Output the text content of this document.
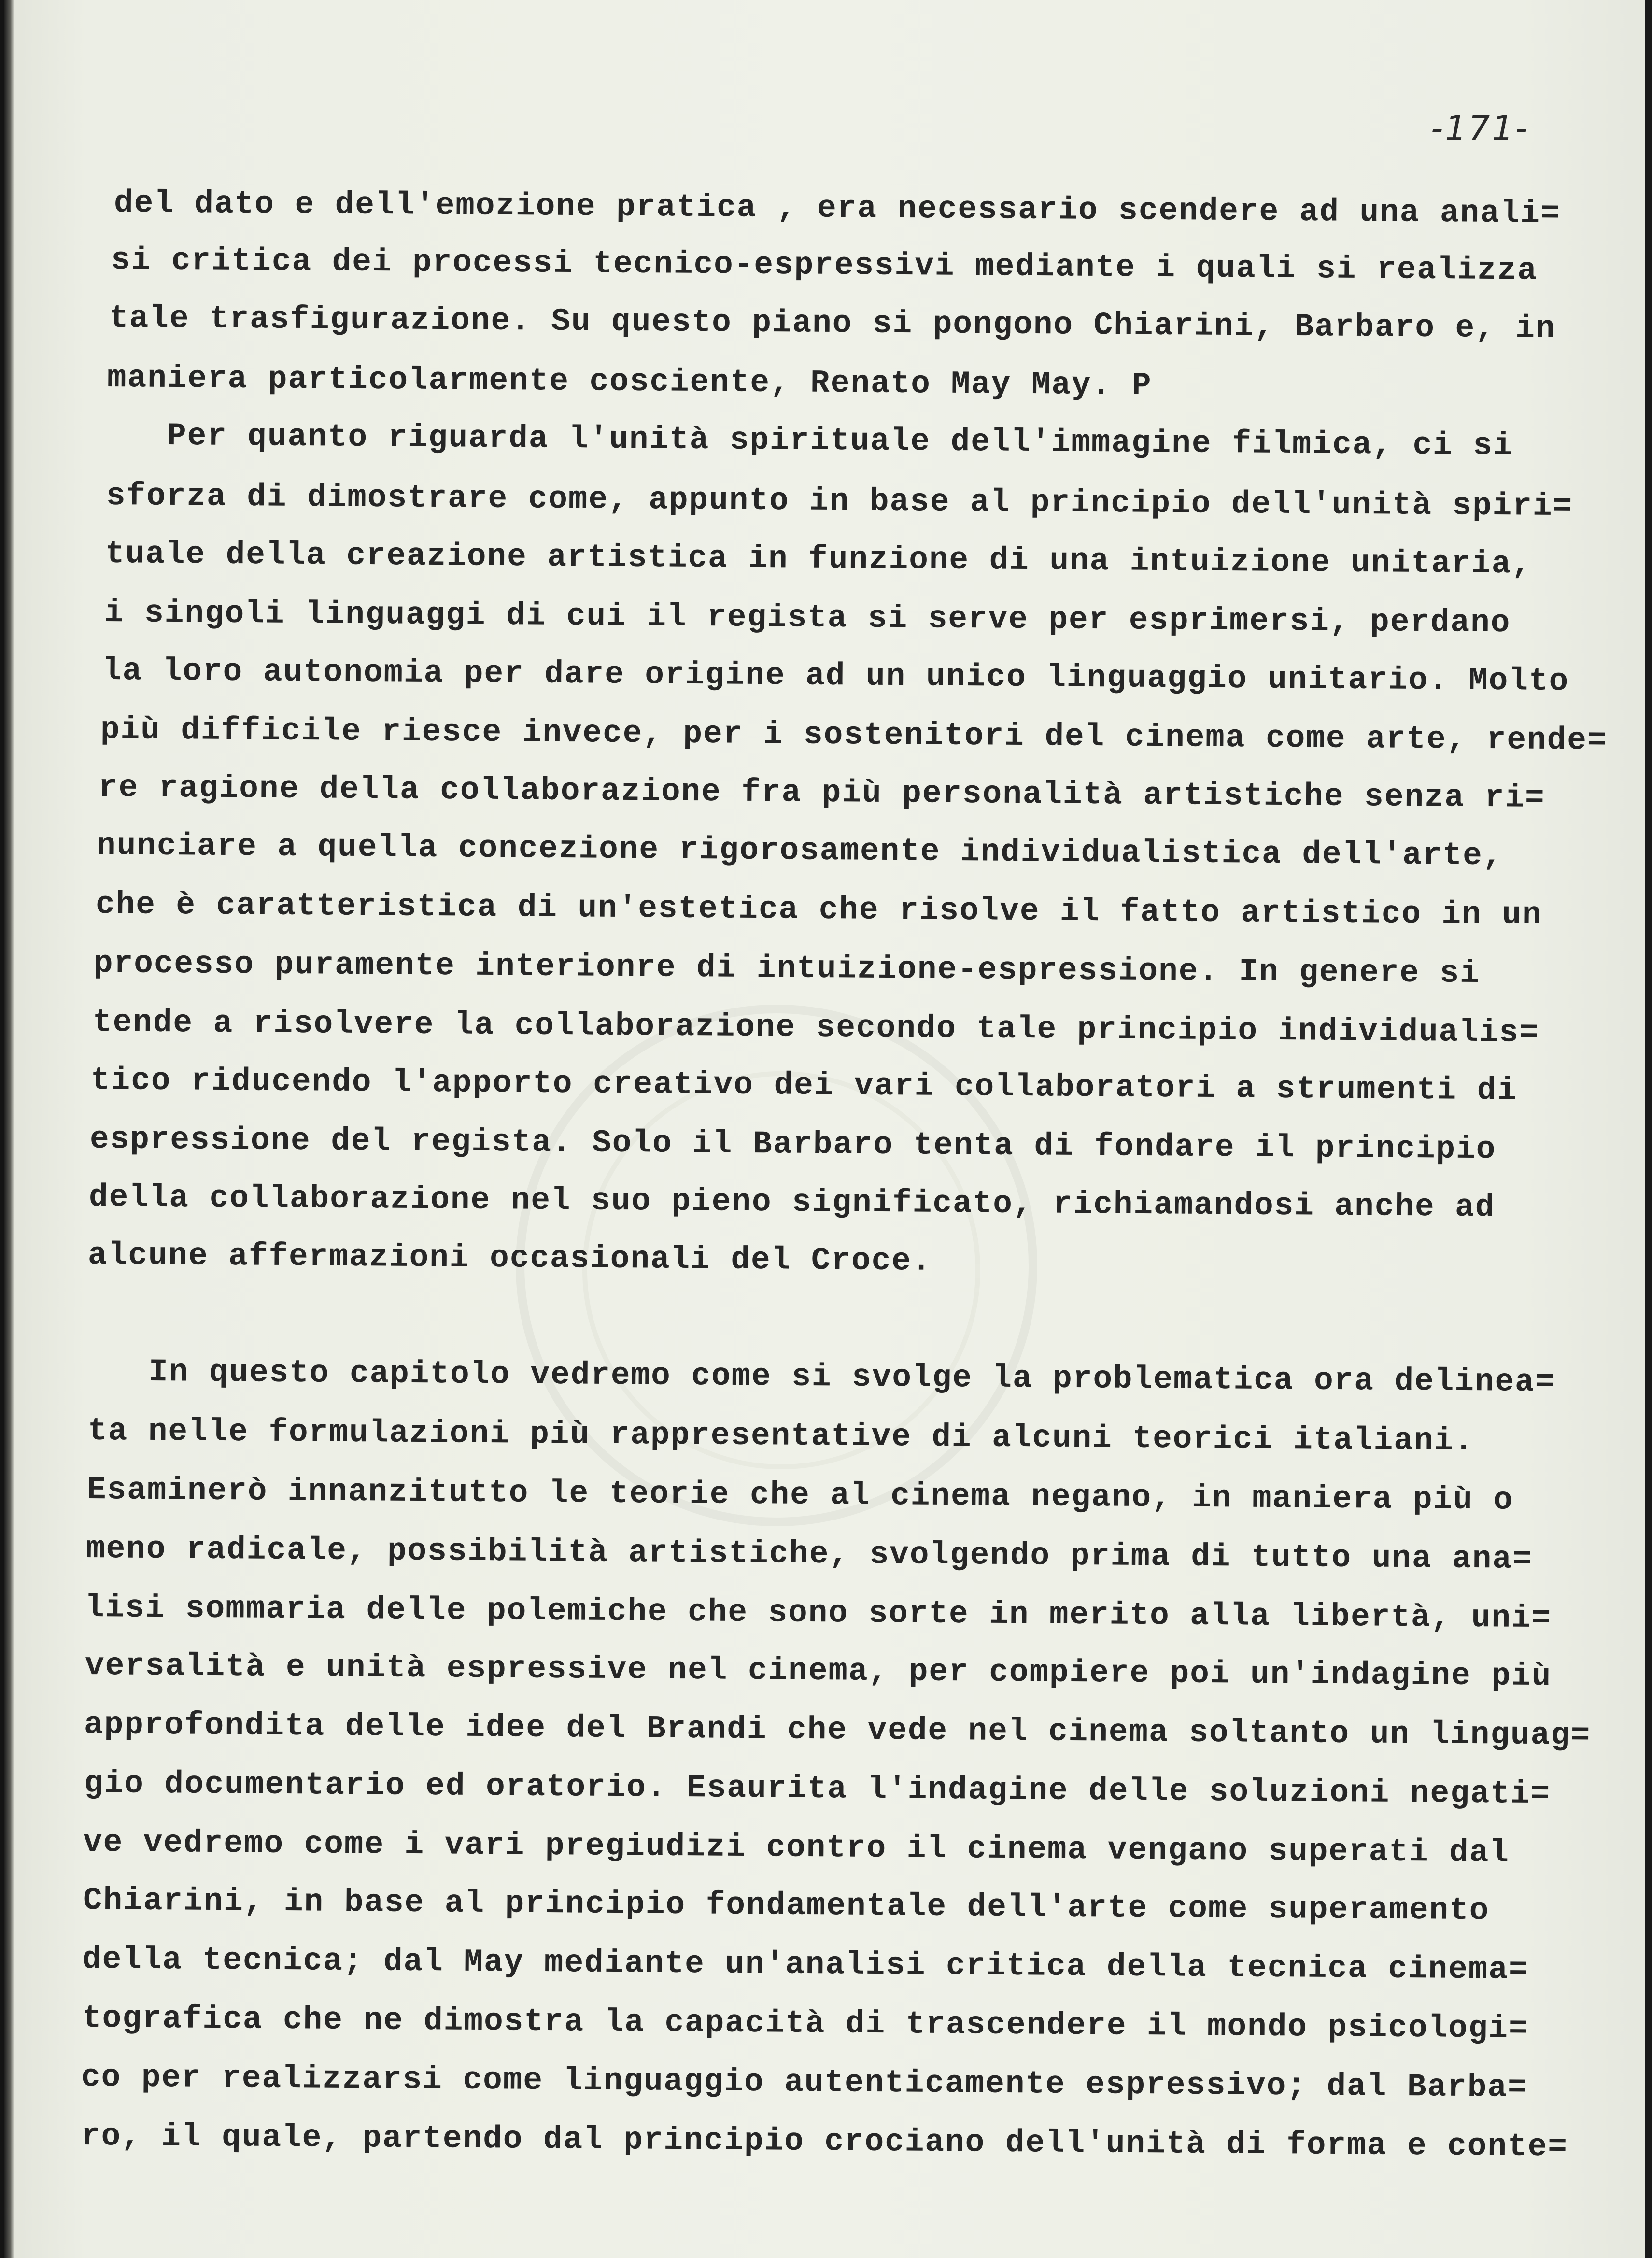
-171-
del dato e dell'emozione pratica , era necessario scendere ad una anali=
si critica dei processi tecnico-espressivi mediante i quali si realizza
tale trasfigurazione. Su questo piano si pongono Chiarini, Barbaro e, in
maniera particolarmente cosciente, Renato May May. P
Per quanto riguarda l'unità spirituale dell'immagine filmica, ci si
sforza di dimostrare come, appunto in base al principio dell'unità spiri=
tuale della creazione artistica in funzione di una intuizione unitaria,
i singoli linguaggi di cui il regista si serve per esprimersi, perdano
la loro autonomia per dare origine ad un unico linguaggio unitario. Molto
più difficile riesce invece, per i sostenitori del cinema come arte, rende=
re ragione della collaborazione fra più personalità artistiche senza ri=
nunciare a quella concezione rigorosamente individualistica dell'arte,
che è caratteristica di un'estetica che risolve il fatto artistico in un
processo puramente interionre di intuizione-espressione. In genere si
tende a risolvere la collaborazione secondo tale principio individualis=
tico riducendo l'apporto creativo dei vari collaboratori a strumenti di
espressione del regista. Solo il Barbaro tenta di fondare il principio
della collaborazione nel suo pieno significato, richiamandosi anche ad
alcune affermazioni occasionali del Croce.
In questo capitolo vedremo come si svolge la problematica ora delinea=
ta nelle formulazioni più rappresentative di alcuni teorici italiani.
Esaminerò innanzitutto le teorie che al cinema negano, in maniera più o
meno radicale, possibilità artistiche, svolgendo prima di tutto una ana=
lisi sommaria delle polemiche che sono sorte in merito alla libertà, uni=
versalità e unità espressive nel cinema, per compiere poi un'indagine più
approfondita delle idee del Brandi che vede nel cinema soltanto un linguag=
gio documentario ed oratorio. Esaurita l'indagine delle soluzioni negati=
ve vedremo come i vari pregiudizi contro il cinema vengano superati dal
Chiarini, in base al principio fondamentale dell'arte come superamento
della tecnica; dal May mediante un'analisi critica della tecnica cinema=
tografica che ne dimostra la capacità di trascendere il mondo psicologi=
co per realizzarsi come linguaggio autenticamente espressivo; dal Barba=
ro, il quale, partendo dal principio crociano dell'unità di forma e conte=
